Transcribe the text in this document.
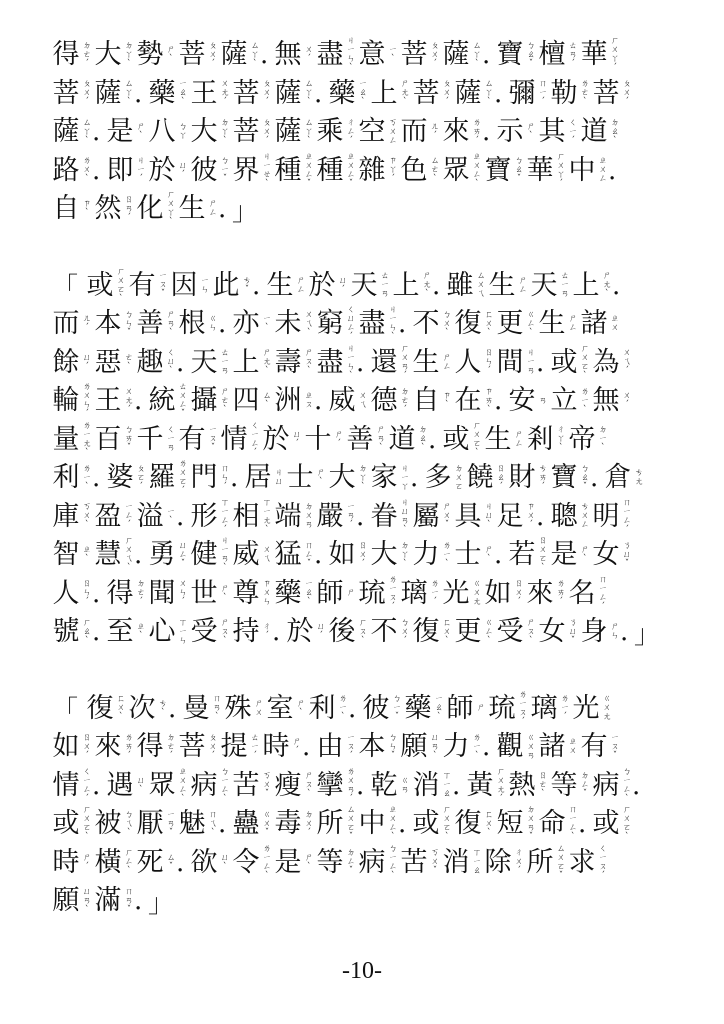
得 ㄉ
ㄜ
ˊ 大 ㄉ
ㄚ
ˋ 勢 ㄕ
ˋ 菩 ㄆ
ㄨ
ˊ 薩 ㄙ
ㄚ
ˋ . 無 ㄨ
ˊ 盡 ㄐ
ㄧ
ㄣ
ˋ 意 ㄧ
ˋ 菩 ㄆ
ㄨ
ˊ 薩 ㄙ
ㄚ
ˋ . 寶 ㄅ
ㄠ
ˇ 檀 ㄊ
ㄢ
ˊ 華 ㄏ
ㄨ
ㄚ
ˊ
菩 ㄆ
ㄨ
ˊ 薩 ㄙ
ㄚ
ˋ . 藥 ㄧ
ㄠ
ˋ 王 ㄨ
ㄤ
ˊ 菩 ㄆ
ㄨ
ˊ 薩 ㄙ
ㄚ
ˋ . 藥 ㄧ
ㄠ
ˋ 上 ㄕ
ㄤ
ˋ 菩 ㄆ
ㄨ
ˊ 薩 ㄙ
ㄚ
ˋ . 彌 ㄇ
ㄧ
ˊ 勒 ㄌ
ㄜ
ˋ 菩 ㄆ
ㄨ
ˊ
薩 ㄙ
ㄚ
ˋ . 是 ㄕ
ˋ 八 ㄅ
ㄚ 大 ㄉ
ㄚ
ˋ 菩 ㄆ
ㄨ
ˊ 薩 ㄙ
ㄚ
ˋ 乘 ㄔ
ㄥ
ˊ 空 ㄎ
ㄨ
ㄥ 而 ㄦ
ˊ 來 ㄌ
ㄞ
ˊ . 示 ㄕ
ˋ 其 ㄑ
ㄧ
ˊ 道 ㄉ
ㄠ
ˋ
路 ㄌ
ㄨ
ˋ . 即 ㄐ
ㄧ
ˊ 於 ㄩ
ˊ 彼 ㄅ
ㄧ
ˇ 界 ㄐ
ㄧ
ㄝ
ˋ 種 ㄓ
ㄨ
ㄥ
ˇ 種 ㄓ
ㄨ
ㄥ
ˇ 雜 ㄗ
ㄚ
ˊ 色 ㄙ
ㄜ
ˋ 眾 ㄓ
ㄨ
ㄥ
ˋ 寶 ㄅ
ㄠ
ˇ 華 ㄏ
ㄨ
ㄚ
ˊ 中 ㄓ
ㄨ
ㄥ .
自 ㄗ
ˋ 然 ㄖ
ㄢ
ˊ 化 ㄏ
ㄨ
ㄚ
ˋ 生 ㄕ
ㄥ . 」
「 或 ㄏ
ㄨ
ㄛ
ˋ 有 ㄧ
ㄡ
ˇ 因 ㄧ
ㄣ 此 ㄘ
ˇ . 生 ㄕ
ㄥ 於 ㄩ
ˊ 天 ㄊ
ㄧ
ㄢ 上 ㄕ
ㄤ
ˋ . 雖 ㄙ
ㄨ
ㄟ 生 ㄕ
ㄥ 天 ㄊ
ㄧ
ㄢ 上 ㄕ
ㄤ
ˋ .
而 ㄦ
ˊ 本 ㄅ
ㄣ
ˇ 善 ㄕ
ㄢ
ˋ 根 ㄍ
ㄣ . 亦 ㄧ
ˋ 未 ㄨ
ㄟ
ˋ 窮 ㄑ
ㄩ
ㄥ
ˊ 盡 ㄐ
ㄧ
ㄣ
ˋ . 不 ㄅ
ㄨ
ˋ 復 ㄈ
ㄨ
ˋ 更 ㄍ
ㄥ
ˋ 生 ㄕ
ㄥ 諸 ㄓ
ㄨ
餘 ㄩ
ˊ 惡 ㄜ
ˋ 趣 ㄑ
ㄩ
ˋ . 天 ㄊ
ㄧ
ㄢ 上 ㄕ
ㄤ
ˋ 壽 ㄕ
ㄡ
ˋ 盡 ㄐ
ㄧ
ㄣ
ˋ . 還 ㄏ
ㄨ
ㄢ
ˊ 生 ㄕ
ㄥ 人 ㄖ
ㄣ
ˊ 間 ㄐ
ㄧ
ㄢ . 或 ㄏ
ㄨ
ㄛ
ˋ 為 ㄨ
ㄟ
ˊ
輪 ㄌ
ㄨ
ㄣ
ˊ 王 ㄨ
ㄤ
ˊ . 統 ㄊ
ㄨ
ㄥ
ˇ 攝 ㄕ
ㄜ
ˋ 四 ㄙ
ˋ 洲 ㄓ
ㄡ . 威 ㄨ
ㄟ 德 ㄉ
ㄜ
ˊ 自 ㄗ
ˋ 在 ㄗ
ㄞ
ˋ . 安 ㄢ 立 ㄌ
ㄧ
ˋ 無 ㄨ
ˊ
量 ㄌ
ㄧ
ㄤ
ˋ 百 ㄅ
ㄞ
ˇ 千 ㄑ
ㄧ
ㄢ 有 ㄧ
ㄡ
ˇ 情 ㄑ
ㄧ
ㄥ
ˊ 於 ㄩ
ˊ 十 ㄕ
ˊ 善 ㄕ
ㄢ
ˋ 道 ㄉ
ㄠ
ˋ . 或 ㄏ
ㄨ
ㄛ
ˋ 生 ㄕ
ㄥ 剎 ㄔ
ㄚ
ˋ 帝 ㄉ
ㄧ
ˋ
利 ㄌ
ㄧ
ˋ . 婆 ㄆ
ㄛ
ˊ 羅 ㄌ
ㄨ
ㄛ
ˊ 門 ㄇ
ㄣ
ˊ . 居 ㄐ
ㄩ 士 ㄕ
ˋ 大 ㄉ
ㄚ
ˋ 家 ㄐ
ㄧ
ㄚ . 多 ㄉ
ㄨ
ㄛ 饒 ㄖ
ㄠ
ˊ 財 ㄘ
ㄞ
ˊ 寶 ㄅ
ㄠ
ˇ . 倉 ㄘ
ㄤ
庫 ㄎ
ㄨ
ˋ 盈 ㄧ
ㄥ
ˊ 溢 ㄧ
ˋ . 形 ㄒ
ㄧ
ㄥ
ˊ 相 ㄒ
ㄧ
ㄤ
ˋ 端 ㄉ
ㄨ
ㄢ 嚴 ㄧ
ㄢ
ˊ . 眷 ㄐ
ㄩ
ㄢ
ˋ 屬 ㄕ
ㄨ
ˇ 具 ㄐ
ㄩ
ˋ 足 ㄗ
ㄨ
ˊ . 聰 ㄘ
ㄨ
ㄥ 明 ㄇ
ㄧ
ㄥ
ˊ
智 ㄓ
ˋ 慧 ㄏ
ㄨ
ㄟ
ˋ . 勇 ㄩ
ㄥ
ˇ 健 ㄐ
ㄧ
ㄢ
ˋ 威 ㄨ
ㄟ 猛 ㄇ
ㄥ
ˇ . 如 ㄖ
ㄨ
ˊ 大 ㄉ
ㄚ
ˋ 力 ㄌ
ㄧ
ˋ 士 ㄕ
ˋ . 若 ㄖ
ㄨ
ㄛ
ˋ 是 ㄕ
ˋ 女 ㄋ
ㄩ
ˇ
人 ㄖ
ㄣ
ˊ . 得 ㄉ
ㄜ
ˊ 聞 ㄨ
ㄣ
ˊ 世 ㄕ
ˋ 尊 ㄗ
ㄨ
ㄣ 藥 ㄧ
ㄠ
ˋ 師 ㄕ 琉 ㄌ
ㄧ
ㄡ
ˊ 璃 ㄌ
ㄧ
ˊ 光 ㄍ
ㄨ
ㄤ 如 ㄖ
ㄨ
ˊ 來 ㄌ
ㄞ
ˊ 名 ㄇ
ㄧ
ㄥ
ˊ
號 ㄏ
ㄠ
ˋ . 至 ㄓ
ˋ 心 ㄒ
ㄧ
ㄣ 受 ㄕ
ㄡ
ˋ 持 ㄔ
ˊ . 於 ㄩ
ˊ 後 ㄏ
ㄡ
ˋ 不 ㄅ
ㄨ
ˊ 復 ㄈ
ㄨ
ˋ 更 ㄍ
ㄥ
ˋ 受 ㄕ
ㄡ
ˋ 女 ㄋ
ㄩ
ˇ 身 ㄕ
ㄣ . 」
「 復 ㄈ
ㄨ
ˋ 次 ㄘ
ˋ . 曼 ㄇ
ㄢ
ˋ 殊 ㄕ
ㄨ 室 ㄕ
ˋ 利 ㄌ
ㄧ
ˋ . 彼 ㄅ
ㄧ
ˇ 藥 ㄧ
ㄠ
ˋ 師 ㄕ 琉 ㄌ
ㄧ
ㄡ
ˊ 璃 ㄌ
ㄧ
ˊ 光 ㄍ
ㄨ
ㄤ
如 ㄖ
ㄨ
ˊ 來 ㄌ
ㄞ
ˊ 得 ㄉ
ㄜ
ˊ 菩 ㄆ
ㄨ
ˊ 提 ㄊ
ㄧ
ˊ 時 ㄕ
ˊ . 由 ㄧ
ㄡ
ˊ 本 ㄅ
ㄣ
ˇ 願 ㄩ
ㄢ
ˋ 力 ㄌ
ㄧ
ˋ . 觀 ㄍ
ㄨ
ㄢ 諸 ㄓ
ㄨ 有 ㄧ
ㄡ
ˇ
情 ㄑ
ㄧ
ㄥ
ˊ . 遇 ㄩ
ˋ 眾 ㄓ
ㄨ
ㄥ
ˋ 病 ㄅ
ㄧ
ㄥ
ˋ 苦 ㄎ
ㄨ
ˇ 瘦 ㄕ
ㄡ
ˋ 攣 ㄌ
ㄨ
ㄢ
ˊ . 乾 ㄍ
ㄢ 消 ㄒ
ㄧ
ㄠ . 黃 ㄏ
ㄨ
ㄤ
ˊ 熱 ㄖ
ㄜ
ˋ 等 ㄉ
ㄥ
ˇ 病 ㄅ
ㄧ
ㄥ
ˋ .
或 ㄏ
ㄨ
ㄛ
ˋ 被 ㄅ
ㄟ
ˋ 厭 ㄧ
ㄢ
ˇ 魅 ㄇ
ㄟ
ˋ . 蠱 ㄍ
ㄨ
ˇ 毒 ㄉ
ㄨ
ˊ 所 ㄙ
ㄨ
ㄛ
ˇ 中 ㄓ
ㄨ
ㄥ
ˋ . 或 ㄏ
ㄨ
ㄛ
ˋ 復 ㄈ
ㄨ
ˋ 短 ㄉ
ㄨ
ㄢ
ˇ 命 ㄇ
ㄧ
ㄥ
ˋ . 或 ㄏ
ㄨ
ㄛ
ˋ
時 ㄕ
ˊ 橫 ㄏ
ㄥ
ˋ 死 ㄙ
ˇ . 欲 ㄩ
ˋ 令 ㄌ
ㄧ
ㄥ
ˋ 是 ㄕ
ˋ 等 ㄉ
ㄥ
ˇ 病 ㄅ
ㄧ
ㄥ
ˋ 苦 ㄎ
ㄨ
ˇ 消 ㄒ
ㄧ
ㄠ 除 ㄔ
ㄨ
ˊ 所 ㄙ
ㄨ
ㄛ
ˇ 求 ㄑ
ㄧ
ㄡ
ˊ
願 ㄩ
ㄢ
ˋ 滿 ㄇ
ㄢ
ˇ . 」
-10-
